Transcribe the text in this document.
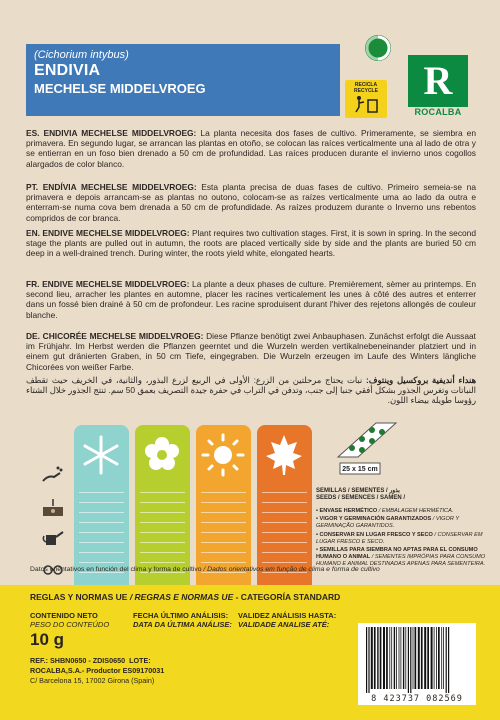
(Cichorium intybus)
ENDIVIA
MECHELSE MIDDELVROEG	RECICLA
RECYCLE	R
ROCALBA
ES. ENDIVIA MECHELSE MIDDELVROEG: La planta necesita dos fases de cultivo. Primeramente, se siembra en primavera. En segundo lugar, se arrancan las plantas en otoño, se colocan las raíces verticalmente una al lado de otra y se entierran en un foso bien drenado a 50 cm de profundidad. Las raíces producen durante el invierno unos cogollos alargados de color blanco.
PT. ENDÍVIA MECHELSE MIDDELVROEG: Esta planta precisa de duas fases de cultivo. Primeiro semeia-se na primavera e depois arrancam-se as plantas no outono, colocam-se as raízes verticalmente uma ao lado da outra e enterram-se numa cova bem drenada a 50 cm de profundidade. As raízes produzem durante o Inverno uns rebentos compridos de cor branca.
EN. ENDIVE MECHELSE MIDDELVROEG: Plant requires two cultivation stages. First, it is sown in spring. In the second stage the plants are pulled out in autumn, the roots are placed vertically side by side and the plants are buried 50 cm deep in a well-drained trench. During winter, the roots yield white, elongated hearts.
FR. ENDIVE MECHELSE MIDDELVROEG: La plante a deux phases de culture. Premièrement, sèmer au printemps. En second lieu, arracher les plantes en automne, placer les racines verticalement les unes à côté des autres et enterrer dans un fossé bien drainé à 50 cm de profondeur. Les racine sproduisent durant l'hiver des rejetons allongés de couleur blanche.
DE. CHICORÉE MECHELSE MIDDELVROEG: Diese Pflanze benötigt zwei Anbauphasen. Zunächst erfolgt die Aussaat im Frühjahr. Im Herbst werden die Pflanzen geerntet und die Wurzeln werden vertikalnebeneinander platziert und in einem gut dränierten Graben, in 50 cm Tiefe, eingegraben. Die Wurzeln erzeugen im Laufe des Winters längliche Chicorées von weißer Farbe.
هنداء أنديفية بروكسيل وينتوف: نبات يحتاج مرحلتين من الزرع: الأولى في الربيع لزرع البذور، والثانية، في الخريف حيث تقطف النباتات وتغرس الجذور بشكل أفقي جنبا إلى جنب، وتدفن في التراب في حفرة جيدة التصريف بعمق 50 سم. تنتج الجذور خلال الشتاء رؤوسا طويلة بيضاء اللون.

25 x 15 cm
SEMILLAS / SEMENTES / بذور
SEEDS / SEMENCES / SAMEN /
• ENVASE HERMÉTICO / EMBALAGEM HERMÉTICA.
• VIGOR Y GERMINACIÓN GARANTIZADOS / VIGOR Y GERMINAÇÃO GARANTIDOS.
• CONSERVAR EN LUGAR FRESCO Y SECO / CONSERVAR EM LUGAR FRESCO E SECO.
• SEMILLAS PARA SIEMBRA NO APTAS PARA EL CONSUMO HUMANO O ANIMAL / SEMENTES IMPRÓPIAS PARA CONSUMO HUMANO E ANIMAL DESTINADAS APENAS PARA SEMENTEIRA.
Datos orientativos en función del clima y forma de cultivo / Dados orientativos em função de clima e forma de cultivo
REGLAS Y NORMAS UE / REGRAS E NORMAS UE - CATEGORÍA STANDARD
CONTENIDO NETO
PESO DO CONTEÚDO
FECHA ÚLTIMO ANÁLISIS:
DATA DA ÚLTIMA ANÁLISE:
VALIDEZ ANÁLISIS HASTA:
VALIDADE ANALISE ATÉ:
10 g
REF.: SHBN0650 - ZDIS0650 LOTE:
ROCALBA,S.A.- Productor ES09170031
C/ Barcelona 15, 17002 Girona (Spain)
8 423737 082569
